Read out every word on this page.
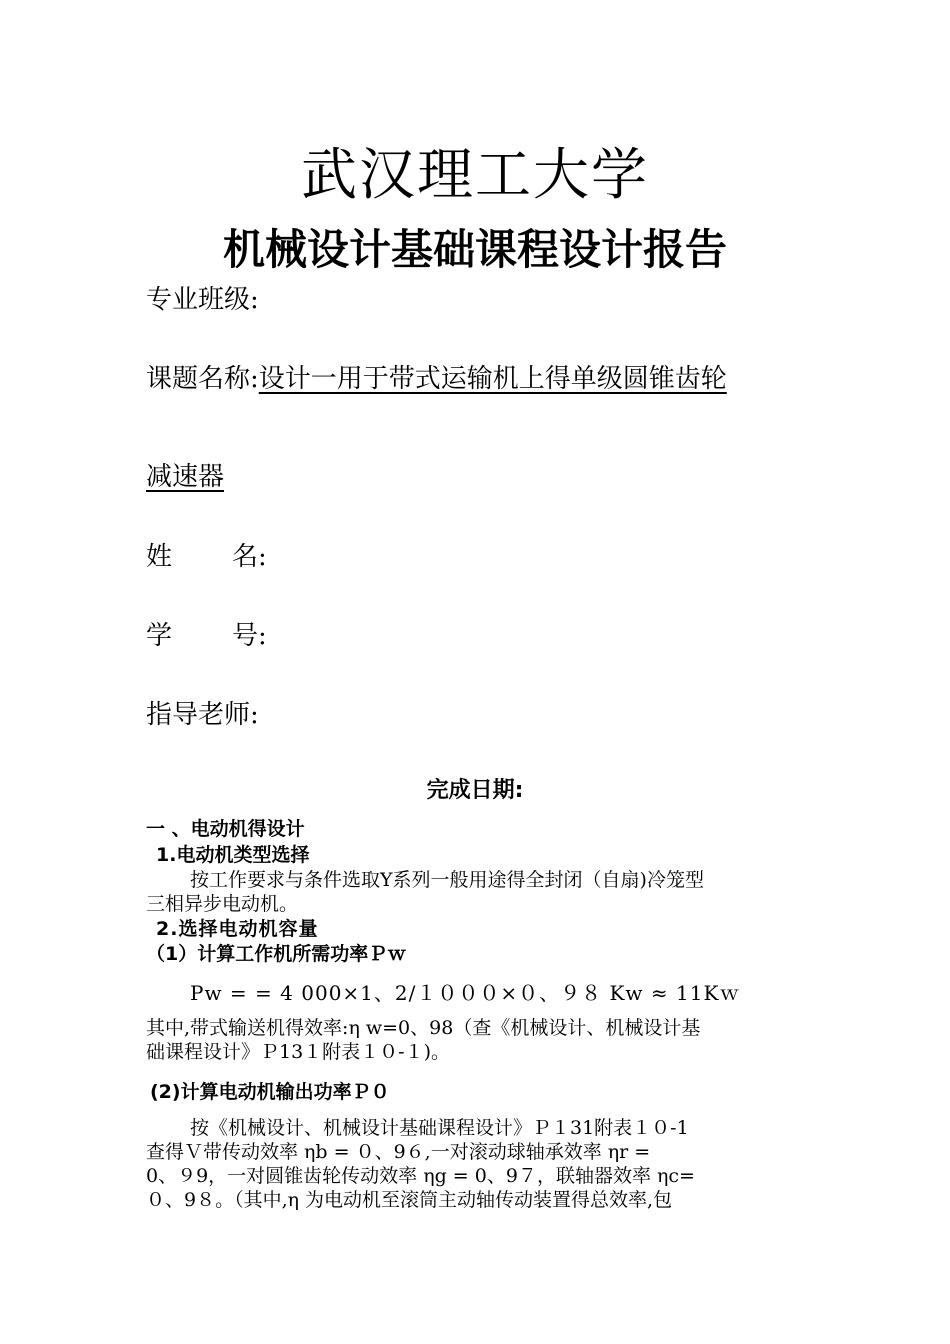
武汉理工大学
机械设计基础课程设计报告
专业班级:
课题名称:设计一用于带式运输机上得单级圆锥齿轮
减速器
姓 名:
学 号:
指导老师:
完成日期:
一 、电动机得设计
1.电动机类型选择
按工作要求与条件选取Y系列一般用途得全封闭（自扇)冷笼型
三相异步电动机。
2.选择电动机容量
（1）计算工作机所需功率Ｐｗ
Pw = = 4 000×1、2/１０００×０、９８ Kw ≈ 11Kｗ
其中,带式输送机得效率:η w=0、98（查《机械设计、机械设计基
础课程设计》Ｐ13１附表１０-１)。
(2)计算电动机输出功率Ｐ０
按《机械设计、机械设计基础课程设计》Ｐ１31附表１０-1
查得Ｖ带传动效率 ηb = ０、9６,一对滚动球轴承效率 ηr =
0、９9，一对圆锥齿轮传动效率 ηg = 0、9７，联轴器效率 ηc=
０、9８。（其中,η 为电动机至滚筒主动轴传动装置得总效率,包
